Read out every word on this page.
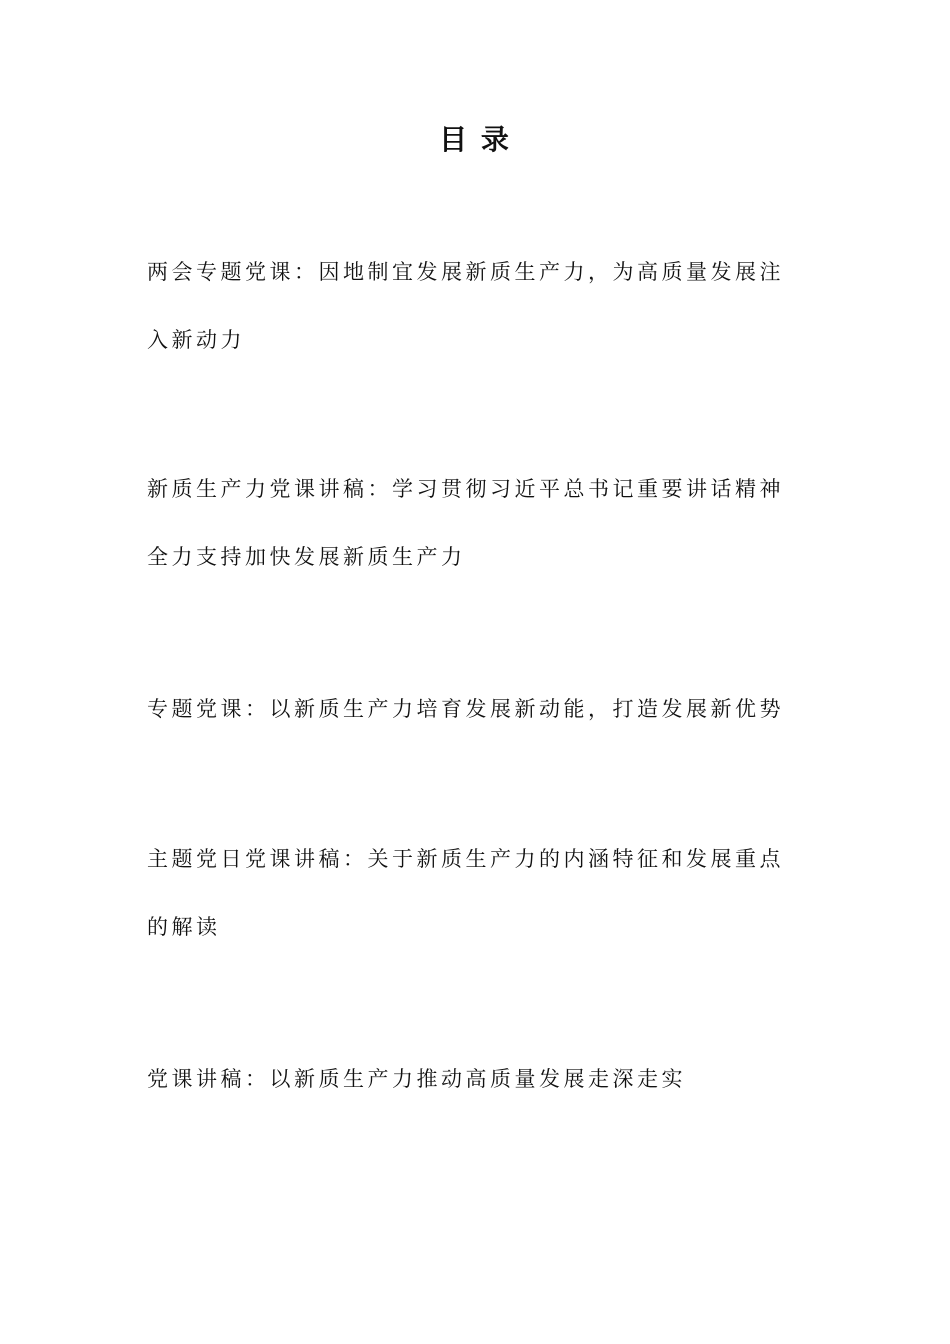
目 录
两会专题党课：因地制宜发展新质生产力，为高质量发展注
入新动力
新质生产力党课讲稿：学习贯彻习近平总书记重要讲话精神
全力支持加快发展新质生产力
专题党课：以新质生产力培育发展新动能，打造发展新优势
主题党日党课讲稿：关于新质生产力的内涵特征和发展重点
的解读
党课讲稿：以新质生产力推动高质量发展走深走实
